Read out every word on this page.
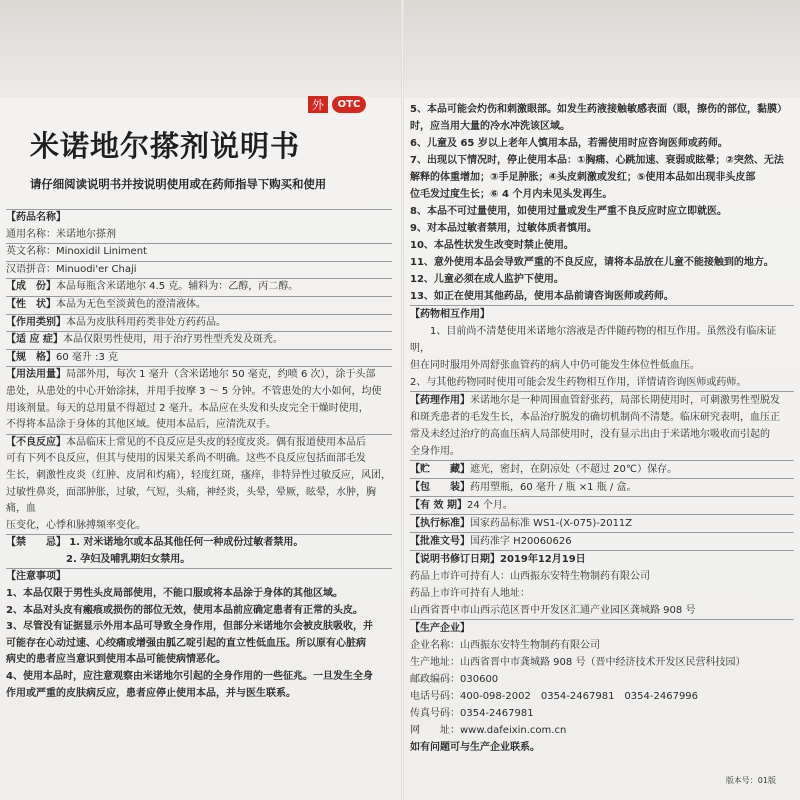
外	OTC
米诺地尔搽剂说明书
请仔细阅读说明书并按说明使用或在药师指导下购买和使用
【药品名称】
通用名称：米诺地尔搽剂
英文名称：Minoxidil Liniment
汉语拼音：Minuodi'er Chaji
【成　份】 本品每瓶含米诺地尔 4.5 克。辅料为：乙醇，丙二醇。
【性　状】 本品为无色至淡黄色的澄清液体。
【作用类别】 本品为皮肤科用药类非处方药药品。
【适 应 症】 本品仅限男性使用，用于治疗男性型秃发及斑秃。
【规　格】 60 毫升 :3 克
【用法用量】局部外用，每次 1 毫升（含米诺地尔 50 毫克，约喷 6 次），涂于头部
患处，从患处的中心开始涂抹，并用手按摩 3 ～ 5 分钟。不管患处的大小如何，均使
用该剂量。每天的总用量不得超过 2 毫升。本品应在头发和头皮完全干燥时使用，
不得将本品涂于身体的其他区域。使用本品后，应清洗双手。
【不良反应】本品临床上常见的不良反应是头皮的轻度皮炎。偶有报道使用本品后
可有下列不良反应，但其与使用的因果关系尚不明确。这些不良反应包括面部毛发
生长，刺激性皮炎（红肿、皮屑和灼痛），轻度红斑，瘙痒，非特异性过敏反应，风团，
过敏性鼻炎，面部肿胀，过敏，气短，头痛，神经炎，头晕，晕厥，眩晕，水肿，胸痛，血
压变化，心悸和脉搏频率变化。
【禁　　忌】 1. 对米诺地尔或本品其他任何一种成份过敏者禁用。
2. 孕妇及哺乳期妇女禁用。
【注意事项】
1、本品仅限于男性头皮局部使用，不能口服或将本品涂于身体的其他区域。
2、本品对头皮有瘢痕或损伤的部位无效，使用本品前应确定患者有正常的头皮。
3、尽管没有证据显示外用本品可导致全身作用，但部分米诺地尔会被皮肤吸收，并
可能存在心动过速、心绞痛或增强由胍乙啶引起的直立性低血压。所以原有心脏病
病史的患者应当意识到使用本品可能使病情恶化。
4、使用本品时，应注意观察由米诺地尔引起的全身作用的一些征兆。一旦发生全身
作用或严重的皮肤病反应，患者应停止使用本品，并与医生联系。
5、本品可能会灼伤和刺激眼部。如发生药液接触敏感表面（眼，擦伤的部位，黏膜）
时，应当用大量的冷水冲洗该区域。
6、儿童及 65 岁以上老年人慎用本品，若需使用时应咨询医师或药师。
7、出现以下情况时，停止使用本品：①胸痛、心跳加速、衰弱或眩晕；②突然、无法
解释的体重增加；③手足肿胀；④头皮刺激或发红；⑤使用本品如出现非头皮部
位毛发过度生长；⑥ 4 个月内未见头发再生。
8、本品不可过量使用，如使用过量或发生严重不良反应时应立即就医。
9、对本品过敏者禁用，过敏体质者慎用。
10、本品性状发生改变时禁止使用。
11、意外使用本品会导致严重的不良反应，请将本品放在儿童不能接触到的地方。
12、儿童必须在成人监护下使用。
13、如正在使用其他药品，使用本品前请咨询医师或药师。
【药物相互作用】
1、目前尚不清楚使用米诺地尔溶液是否伴随药物的相互作用。虽然没有临床证明，
但在同时服用外周舒张血管药的病人中仍可能发生体位性低血压。
2、与其他药物同时使用可能会发生药物相互作用，详情请咨询医师或药师。
【药理作用】米诺地尔是一种周围血管舒张药，局部长期使用时，可刺激男性型脱发
和斑秃患者的毛发生长，本品治疗脱发的确切机制尚不清楚。临床研究表明，血压正
常及未经过治疗的高血压病人局部使用时，没有显示出由于米诺地尔吸收而引起的
全身作用。
【贮　　藏】 遮光，密封，在阴凉处（不超过 20℃）保存。
【包　　装】 药用塑瓶，60 毫升 / 瓶 ×1 瓶 / 盒。
【有 效 期】 24 个月。
【执行标准】 国家药品标准 WS1-(X-075)-2011Z
【批准文号】 国药准字 H20060626
【说明书修订日期】 2019年12月19日
药品上市许可持有人： 山西振东安特生物制药有限公司
药品上市许可持有人地址：
山西省晋中市山西示范区晋中开发区汇通产业园区龚城路 908 号
【生产企业】
企业名称：山西振东安特生物制药有限公司
生产地址：山西省晋中市龚城路 908 号（晋中经济技术开发区民营科技园）
邮政编码：030600
电话号码：400-098-2002　0354-2467981　0354-2467996
传真号码：0354-2467981
网　　址：www.dafeixin.com.cn
如有问题可与生产企业联系。
版本号：01版
